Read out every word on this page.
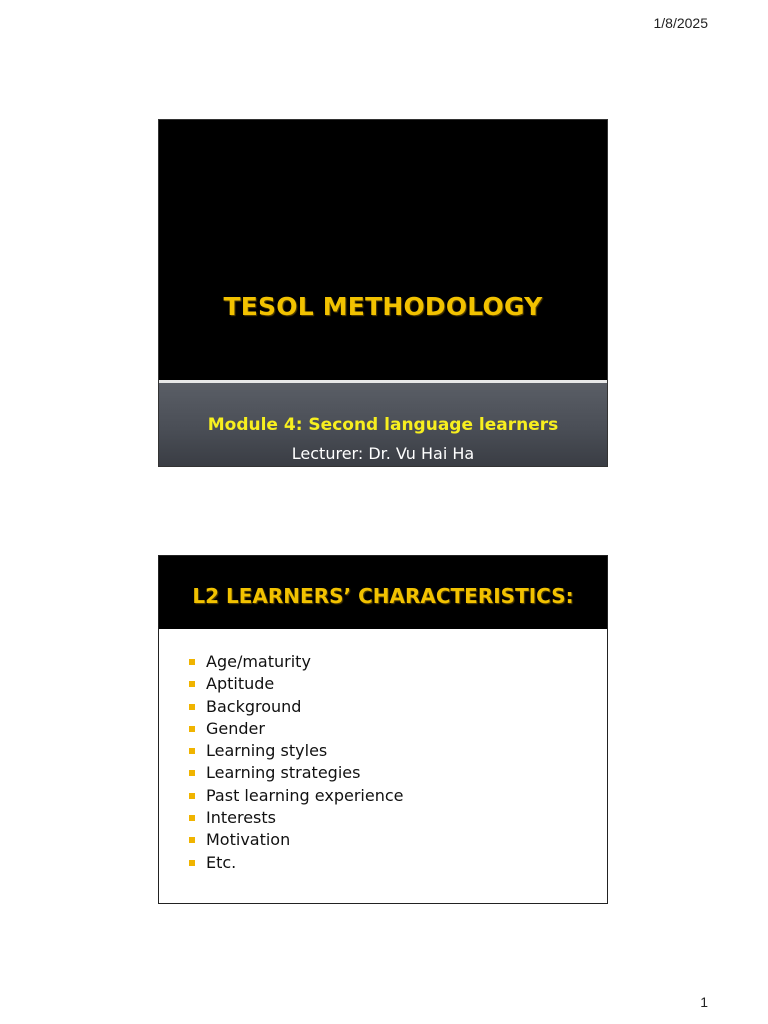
1/8/2025
TESOL METHODOLOGY
Module 4: Second language learners
Lecturer: Dr. Vu Hai Ha
L2 LEARNERS’ CHARACTERISTICS:
Age/maturity
Aptitude
Background
Gender
Learning styles
Learning strategies
Past learning experience
Interests
Motivation
Etc.
1
